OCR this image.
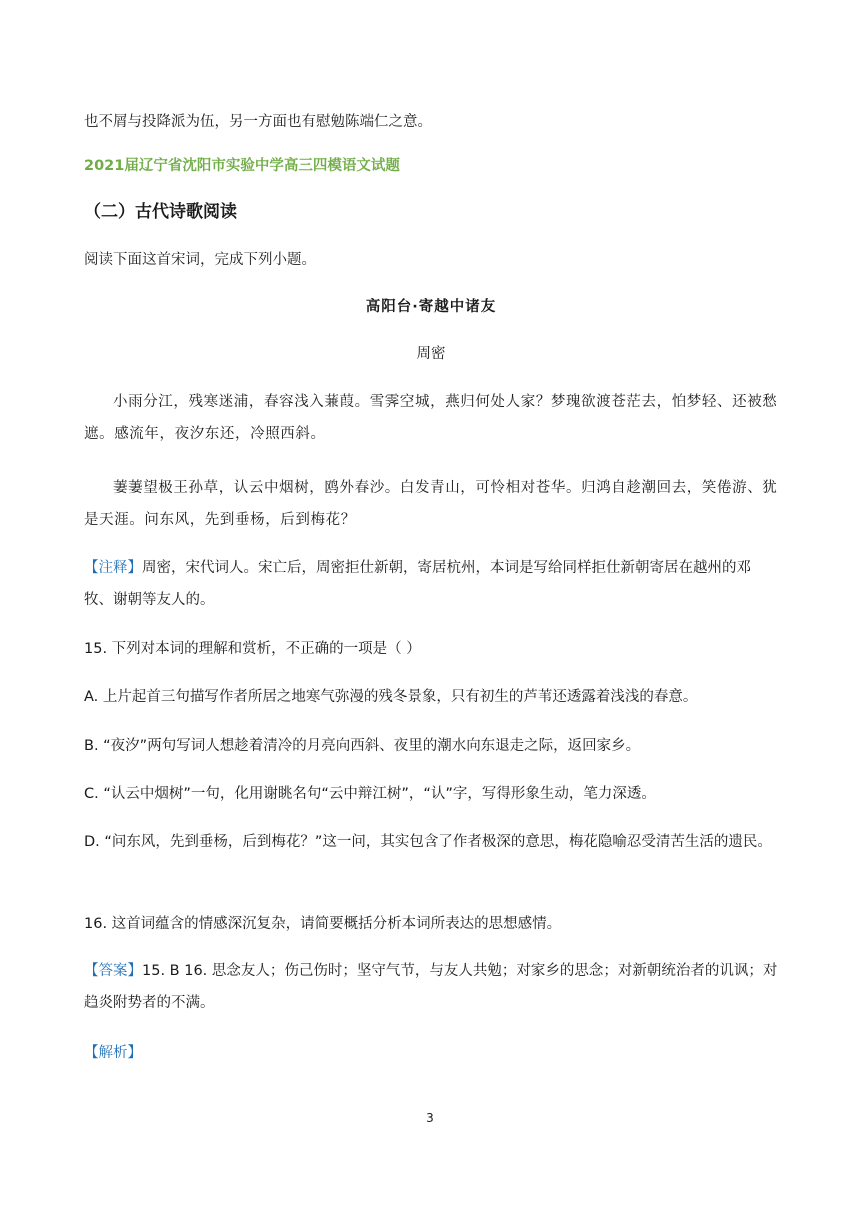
也不屑与投降派为伍，另一方面也有慰勉陈端仁之意。

2021届辽宁省沈阳市实验中学高三四模语文试题

（二）古代诗歌阅读

阅读下面这首宋词，完成下列小题。

高阳台·寄越中诸友

周密

小雨分江，残寒迷浦，春容浅入蒹葭。雪霁空城，燕归何处人家？梦瑰欲渡苍茫去，怕梦轻、还被愁遮。感流年，夜汐东还，冷照西斜。

萋萋望极王孙草，认云中烟树，鸥外春沙。白发青山，可怜相对苍华。归鸿自趁潮回去，笑倦游、犹是天涯。问东风，先到垂杨，后到梅花？

【注释】周密，宋代词人。宋亡后，周密拒仕新朝，寄居杭州，本词是写给同样拒仕新朝寄居在越州的邓牧、谢朝等友人的。

15. 下列对本词的理解和赏析，不正确的一项是（ ）

A. 上片起首三句描写作者所居之地寒气弥漫的残冬景象，只有初生的芦苇还透露着浅浅的春意。

B. “夜汐”两句写词人想趁着清冷的月亮向西斜、夜里的潮水向东退走之际，返回家乡。

C. “认云中烟树”一句，化用谢眺名句“云中辩江树”，“认”字，写得形象生动，笔力深透。

D. “问东风，先到垂杨，后到梅花？”这一问，其实包含了作者极深的意思，梅花隐喻忍受清苦生活的遗民。

16. 这首词蕴含的情感深沉复杂，请简要概括分析本词所表达的思想感情。

【答案】15. B 16. 思念友人；伤己伤时；坚守气节，与友人共勉；对家乡的思念；对新朝统治者的讥讽；对趋炎附势者的不满。

【解析】

3
